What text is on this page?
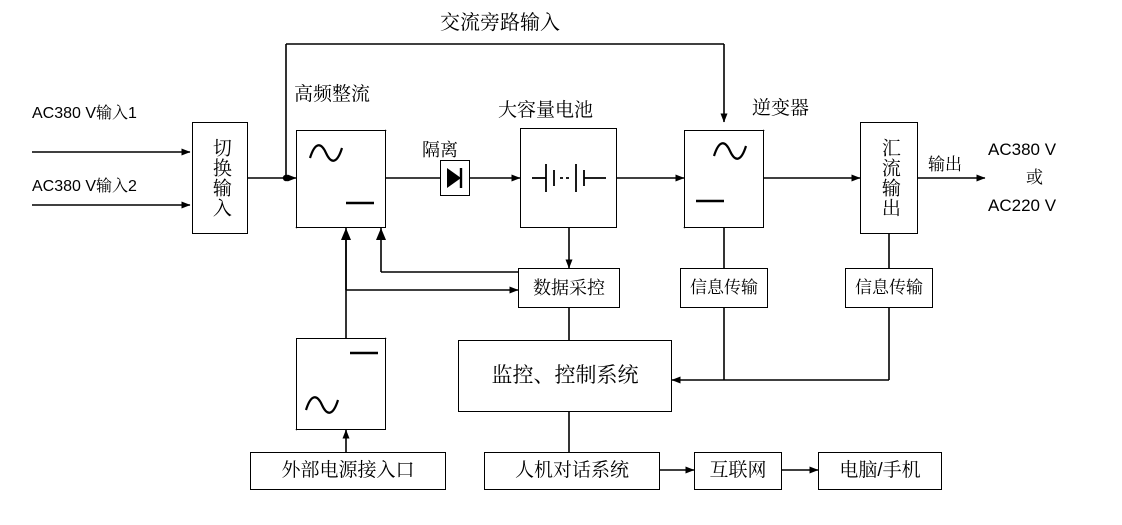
交流旁路输入
AC380 V输入1
AC380 V输入2
高频整流
隔离
大容量电池	逆变器
输出
AC380 V
或
AC220 V
切换输入	汇流输出
数据采控	信息传输	信息传输
监控、控制系统
外部电源接入口	人机对话系统	互联网	电脑/手机
